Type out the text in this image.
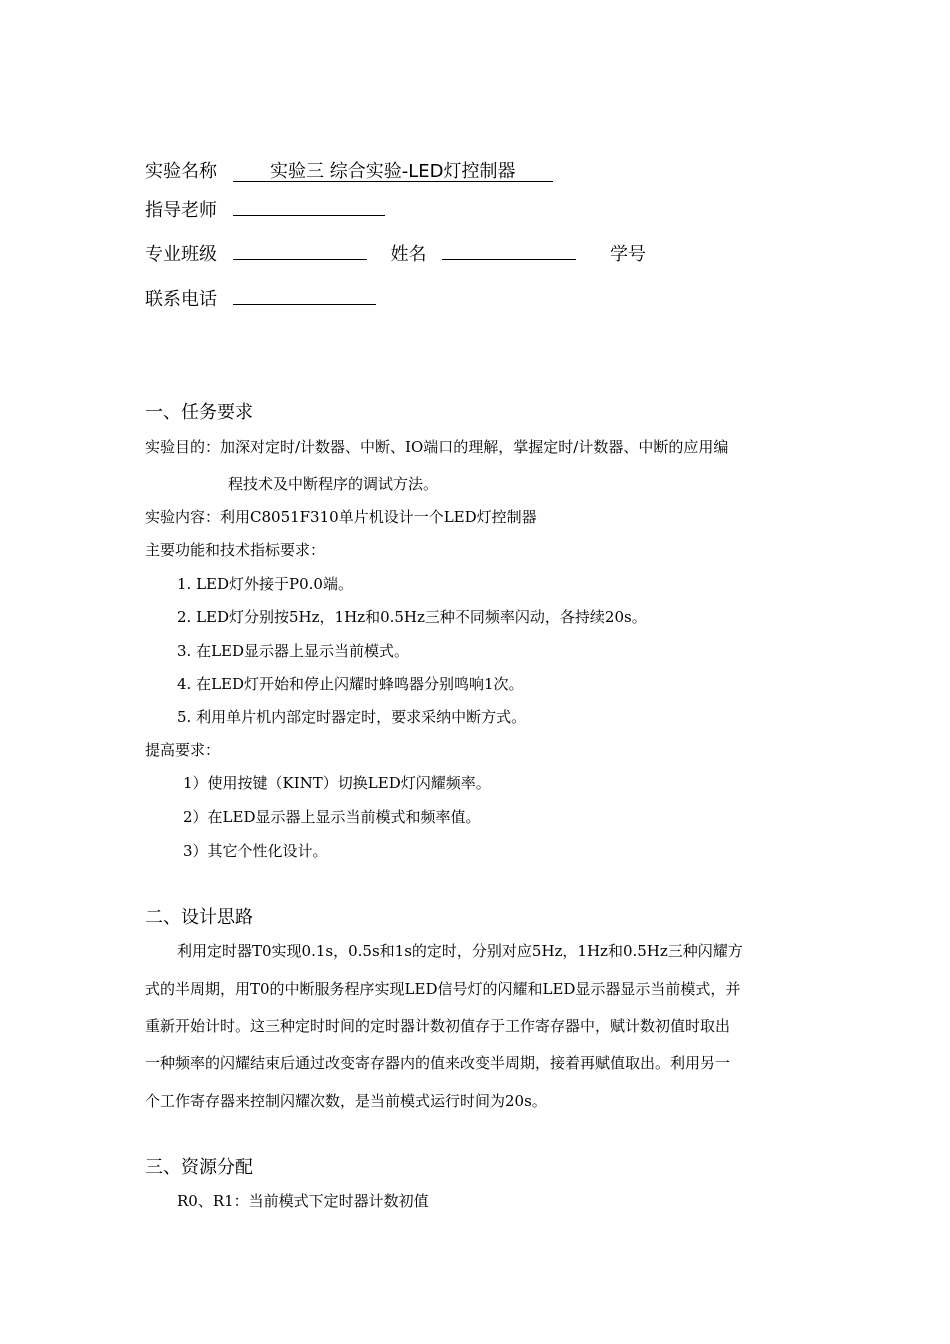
实验名称	实验三 综合实验-LED灯控制器
指导老师
专业班级	姓名	学号
联系电话
一、任务要求
实验目的：加深对定时/计数器、中断、IO端口的理解，掌握定时/计数器、中断的应用编
程技术及中断程序的调试方法。
实验内容：利用C8051F310单片机设计一个LED灯控制器
主要功能和技术指标要求：
1. LED灯外接于P0.0端。
2. LED灯分别按5Hz，1Hz和0.5Hz三种不同频率闪动，各持续20s。
3. 在LED显示器上显示当前模式。
4. 在LED灯开始和停止闪耀时蜂鸣器分别鸣响1次。
5. 利用单片机内部定时器定时，要求采纳中断方式。
提高要求：
1）使用按键（KINT）切换LED灯闪耀频率。
2）在LED显示器上显示当前模式和频率值。
3）其它个性化设计。
二、设计思路
利用定时器T0实现0.1s，0.5s和1s的定时，分别对应5Hz，1Hz和0.5Hz三种闪耀方
式的半周期，用T0的中断服务程序实现LED信号灯的闪耀和LED显示器显示当前模式，并
重新开始计时。这三种定时时间的定时器计数初值存于工作寄存器中，赋计数初值时取出
一种频率的闪耀结束后通过改变寄存器内的值来改变半周期，接着再赋值取出。利用另一
个工作寄存器来控制闪耀次数，是当前模式运行时间为20s。
三、资源分配
R0、R1：当前模式下定时器计数初值
